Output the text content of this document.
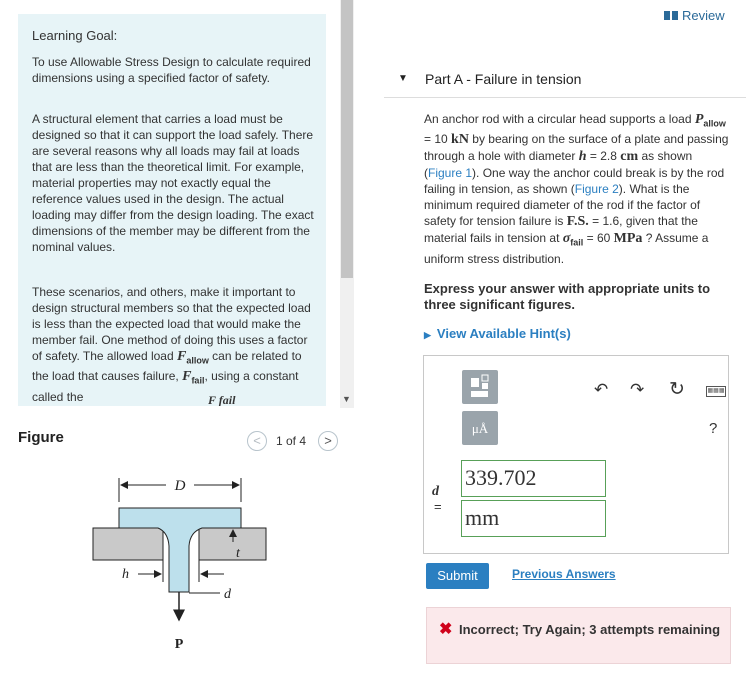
Learning Goal:

To use Allowable Stress Design to calculate required dimensions using a specified factor of safety.

A structural element that carries a load must be designed so that it can support the load safely. There are several reasons why all loads may fail at loads that are less than the theoretical limit. For example, material properties may not exactly equal the reference values used in the design. The actual loading may differ from the design loading. The exact dimensions of the member may be different from the nominal values.

These scenarios, and others, make it important to design structural members so that the expected load is less than the expected load that would make the member fail. One method of doing this uses a factor of safety. The allowed load $F_{allow}$ can be related to the load that causes failure, $F_{fail}$, using a constant called the	F fail	▼
Figure	<	1 of 4	>
D
t
h
d
P
Review
▼ Part A - Failure in tension

An anchor rod with a circular head supports a load $P_{allow} = 10$ kN by bearing on the surface of a plate and passing through a hole with diameter h = 2.8 cm as shown (Figure 1). One way the anchor could break is by the rod failing in tension, as shown (Figure 2). What is the minimum required diameter of the rod if the factor of safety for tension failure is F.S. = 1.6, given that the material fails in tension at $\sigma_{fail} = 60$ MPa ? Assume a uniform stress distribution.

Express your answer with appropriate units to three significant figures.

▶ View Available Hint(s)
μÅ
↶ ↷ ↻	▦▦▦
?
d
=
339.702
mm
Submit	Previous Answers
✖ Incorrect; Try Again; 3 attempts remaining
